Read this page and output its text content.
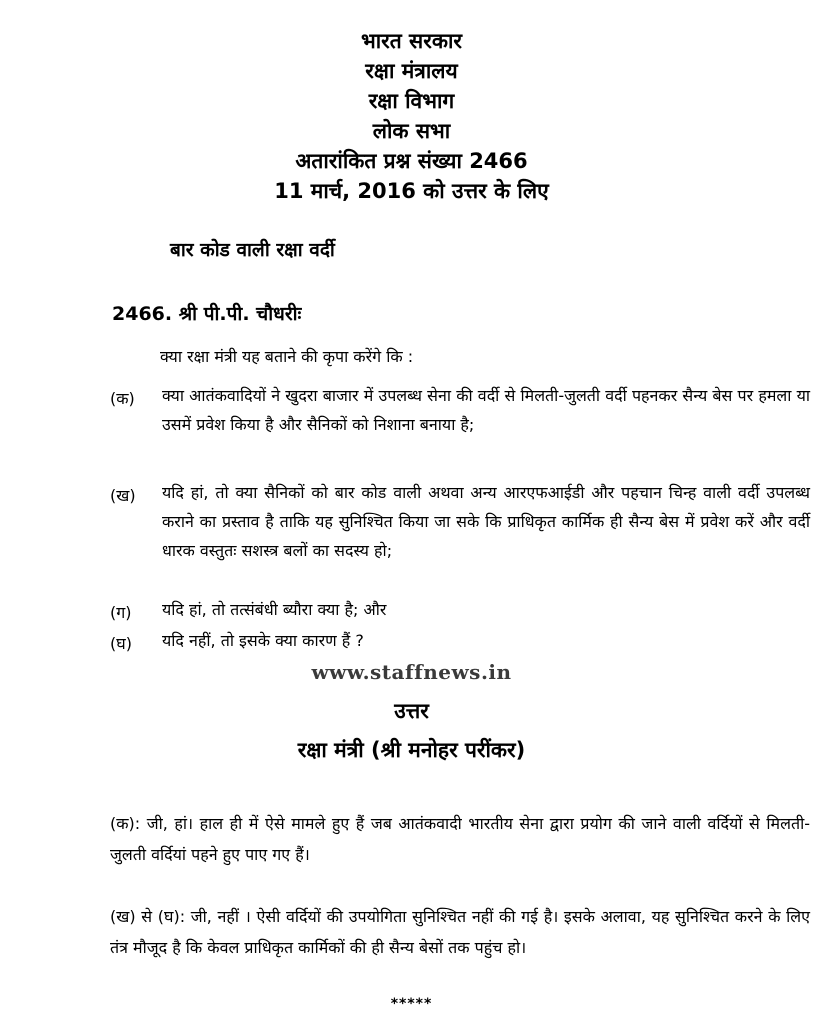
भारत सरकार
रक्षा मंत्रालय
रक्षा विभाग
लोक सभा
अतारांकित प्रश्न संख्या 2466
11 मार्च, 2016 को उत्तर के लिए
बार कोड वाली रक्षा वर्दी
2466. श्री पी.पी. चौधरीः
क्या रक्षा मंत्री यह बताने की कृपा करेंगे कि :
(क) क्या आतंकवादियों ने खुदरा बाजार में उपलब्ध सेना की वर्दी से मिलती-जुलती वर्दी पहनकर सैन्य बेस पर हमला या उसमें प्रवेश किया है और सैनिकों को निशाना बनाया है;
(ख) यदि हां, तो क्या सैनिकों को बार कोड वाली अथवा अन्य आरएफआईडी और पहचान चिन्ह वाली वर्दी उपलब्ध कराने का प्रस्ताव है ताकि यह सुनिश्चित किया जा सके कि प्राधिकृत कार्मिक ही सैन्य बेस में प्रवेश करें और वर्दी धारक वस्तुतः सशस्त्र बलों का सदस्य हो;
(ग) यदि हां, तो तत्संबंधी ब्यौरा क्या है; और
(घ) यदि नहीं, तो इसके क्या कारण हैं ?
www.staffnews.in
उत्तर
रक्षा मंत्री (श्री मनोहर परींकर)
(क): जी, हां। हाल ही में ऐसे मामले हुए हैं जब आतंकवादी भारतीय सेना द्वारा प्रयोग की जाने वाली वर्दियों से मिलती-जुलती वर्दियां पहने हुए पाए गए हैं।
(ख) से (घ): जी, नहीं । ऐसी वर्दियों की उपयोगिता सुनिश्चित नहीं की गई है। इसके अलावा, यह सुनिश्चित करने के लिए तंत्र मौजूद है कि केवल प्राधिकृत कार्मिकों की ही सैन्य बेसों तक पहुंच हो।
*****
